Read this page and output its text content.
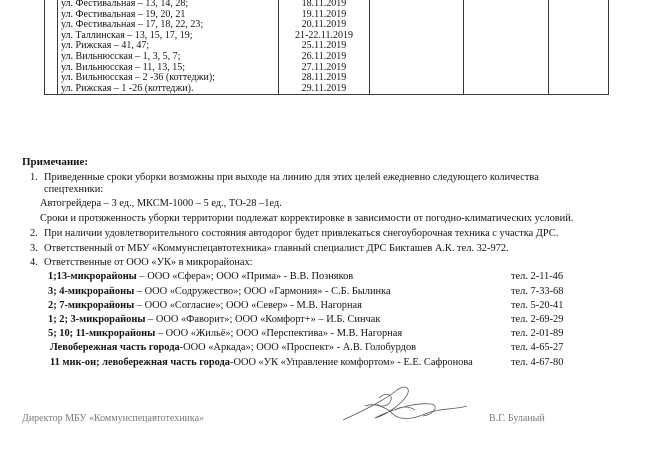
	ул. Фестивальная – 13, 14, 28;	18.11.2019			
	ул. Фестивальная – 19, 20, 21	19.11.2019			
	ул. Фестивальная – 17, 18, 22, 23;	20.11.2019			
	ул. Таллинская – 13, 15, 17, 19;	21-22.11.2019			
	ул. Рижская – 41, 47;	25.11.2019			
	ул. Вильнюсская – 1, 3, 5, 7;	26.11.2019			
	ул. Вильнюсская – 11, 13, 15;	27.11.2019			
	ул. Вильнюсская – 2 -36 (коттеджи);	28.11.2019			
	ул. Рижская – 1 -26 (коттеджи).	29.11.2019			
Примечание:
1. Приведенные сроки уборки возможны при выходе на линию для этих целей ежедневно следующего количества
спецтехники:
Автогрейдера – 3 ед., МКСМ-1000 – 5 ед., ТО-28 –1ед.
Сроки и протяженность уборки территории подлежат корректировке в зависимости от погодно-климатических условий.
2. При наличии удовлетворительного состояния автодорог будет привлекаться снегоуборочная техника с участка ДРС.
3. Ответственный от МБУ «Коммунспецавтотехника» главный специалист ДРС Бикташев А.К. тел. 32-972.
4. Ответственные от ООО «УК» в микрорайонах:
1;13-микрорайоны – ООО «Сфера»; ООО «Прима» - В.В. Позняков	тел. 2-11-46
3; 4-микрорайоны – ООО «Содружество»; ООО «Гармония» - С.Б. Былинка	тел. 7-33-68
2; 7-микрорайоны – ООО «Согласие»; ООО «Север» - М.В. Нагорная	тел. 5-20-41
1; 2; 3-микрорайоны – ООО «Фаворит»; ООО «Комфорт+» – И.Б. Синчак	тел. 2-69-29
5; 10; 11-микрорайоны – ООО «Жильё»; ООО «Перспектива» - М.В. Нагорная	тел. 2-01-89
Левобережная часть города-ООО «Аркада»; ООО «Проспект» - А.В. Голобурдов	тел. 4-65-27
11 мик-он; левобережная часть города-ООО «УК «Управление комфортом» - Е.Е. Сафронова	тел. 4-67-80
Директор МБУ «Коммунспецавтотехника»	В.Г. Буланый
